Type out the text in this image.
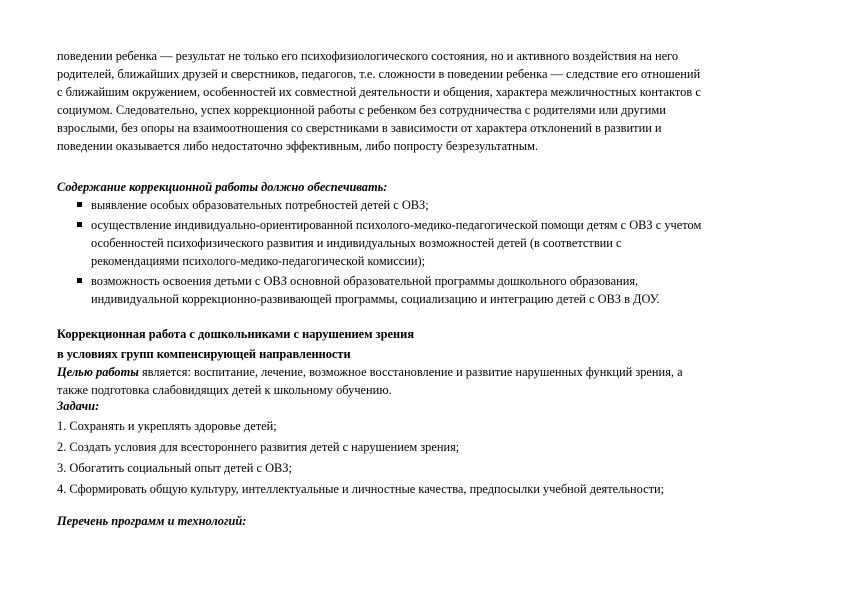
поведении ребенка — результат не только его психофизиологического состояния, но и активного воздействия на него
родителей, ближайших друзей и сверстников, педагогов, т.е. сложности в поведении ребенка — следствие его отношений
с ближайшим окружением, особенностей их совместной деятельности и общения, характера межличностных контактов с
социумом. Следовательно, успех коррекционной работы с ребенком без сотрудничества с родителями или другими
взрослыми, без опоры на взаимоотношения со сверстниками в зависимости от характера отклонений в развитии и
поведении оказывается либо недостаточно эффективным, либо попросту безрезультатным.
Содержание коррекционной работы должно обеспечивать:
выявление особых образовательных потребностей детей с ОВЗ;
осуществление индивидуально-ориентированной психолого-медико-педагогической помощи детям с ОВЗ с учетом
особенностей психофизического развития и индивидуальных возможностей детей (в соответствии с
рекомендациями психолого-медико-педагогической комиссии);
возможность освоения детьми с ОВЗ основной образовательной программы дошкольного образования,
индивидуальной коррекционно-развивающей программы, социализацию и интеграцию детей с ОВЗ в ДОУ.
Коррекционная работа с дошкольниками с нарушением зрения
в условиях групп компенсирующей направленности
Целью работы является: воспитание, лечение, возможное восстановление и развитие нарушенных функций зрения, а
также подготовка слабовидящих детей к школьному обучению.
Задачи:
1. Сохранять и укреплять здоровье детей;
2. Создать условия для всестороннего развития детей с нарушением зрения;
3. Обогатить социальный опыт детей с ОВЗ;
4. Сформировать общую культуру, интеллектуальные и личностные качества, предпосылки учебной деятельности;
Перечень программ и технологий:
